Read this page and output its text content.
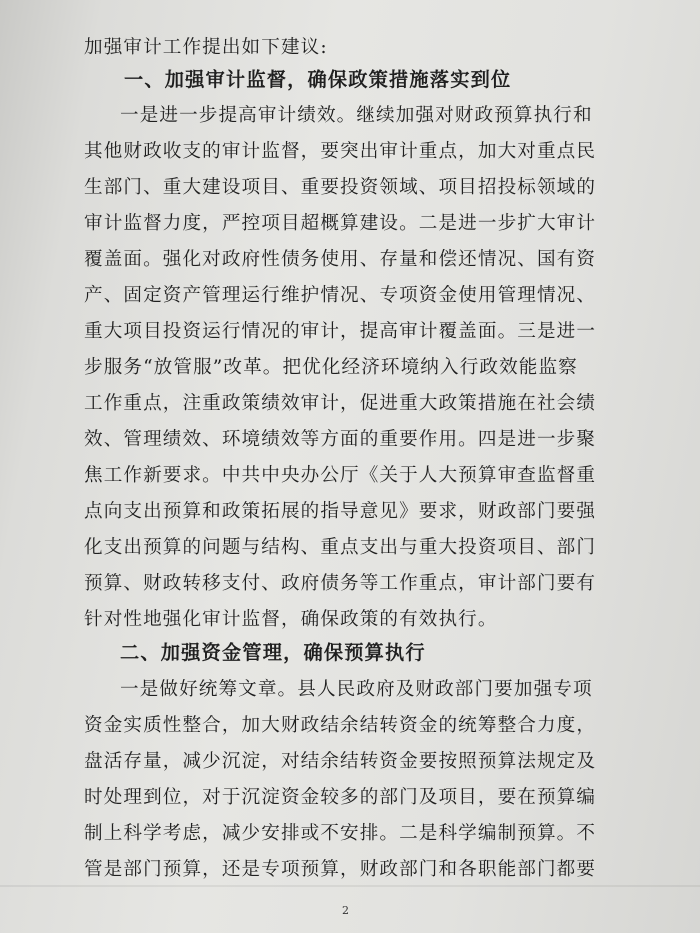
加强审计工作提出如下建议:
一、加强审计监督，确保政策措施落实到位
一是进一步提高审计绩效。继续加强对财政预算执行和
其他财政收支的审计监督，要突出审计重点，加大对重点民
生部门、重大建设项目、重要投资领域、项目招投标领域的
审计监督力度，严控项目超概算建设。二是进一步扩大审计
覆盖面。强化对政府性债务使用、存量和偿还情况、国有资
产、固定资产管理运行维护情况、专项资金使用管理情况、
重大项目投资运行情况的审计，提高审计覆盖面。三是进一
步服务“放管服”改革。把优化经济环境纳入行政效能监察
工作重点，注重政策绩效审计，促进重大政策措施在社会绩
效、管理绩效、环境绩效等方面的重要作用。四是进一步聚
焦工作新要求。中共中央办公厅《关于人大预算审查监督重
点向支出预算和政策拓展的指导意见》要求，财政部门要强
化支出预算的问题与结构、重点支出与重大投资项目、部门
预算、财政转移支付、政府债务等工作重点，审计部门要有
针对性地强化审计监督，确保政策的有效执行。
二、加强资金管理，确保预算执行
一是做好统筹文章。县人民政府及财政部门要加强专项
资金实质性整合，加大财政结余结转资金的统筹整合力度，
盘活存量，减少沉淀，对结余结转资金要按照预算法规定及
时处理到位，对于沉淀资金较多的部门及项目，要在预算编
制上科学考虑，减少安排或不安排。二是科学编制预算。不
管是部门预算，还是专项预算，财政部门和各职能部门都要
2
